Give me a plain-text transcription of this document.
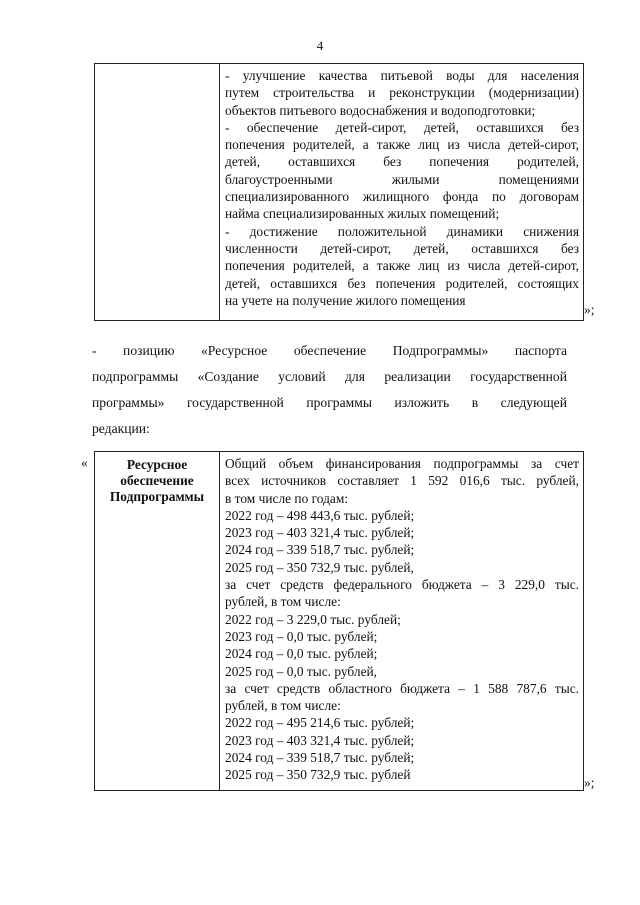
4

- улучшение качества питьевой воды для населения
путем строительства и реконструкции (модернизации)
объектов питьевого водоснабжения и водоподготовки;
- обеспечение детей-сирот, детей, оставшихся без
попечения родителей, а также лиц из числа детей-сирот,
детей, оставшихся без попечения родителей,
благоустроенными жилыми помещениями
специализированного жилищного фонда по договорам
найма специализированных жилых помещений;
- достижение положительной динамики снижения
численности детей-сирот, детей, оставшихся без
попечения родителей, а также лиц из числа детей-сирот,
детей, оставшихся без попечения родителей, состоящих
на учете на получение жилого помещения
»;
- позицию «Ресурсное обеспечение Подпрограммы» паспорта
подпрограммы «Создание условий для реализации государственной
программы» государственной программы изложить в следующей
редакции:
«	Ресурсное
обеспечение
Подпрограммы

Общий объем финансирования подпрограммы за счет
всех источников составляет 1 592 016,6 тыс. рублей,
в том числе по годам:
2022 год – 498 443,6 тыс. рублей;
2023 год – 403 321,4 тыс. рублей;
2024 год – 339 518,7 тыс. рублей;
2025 год – 350 732,9 тыс. рублей,
за счет средств федерального бюджета – 3 229,0 тыс.
рублей, в том числе:
2022 год – 3 229,0 тыс. рублей;
2023 год – 0,0 тыс. рублей;
2024 год – 0,0 тыс. рублей;
2025 год – 0,0 тыс. рублей,
за счет средств областного бюджета – 1 588 787,6 тыс.
рублей, в том числе:
2022 год – 495 214,6 тыс. рублей;
2023 год – 403 321,4 тыс. рублей;
2024 год – 339 518,7 тыс. рублей;
2025 год – 350 732,9 тыс. рублей
»;
